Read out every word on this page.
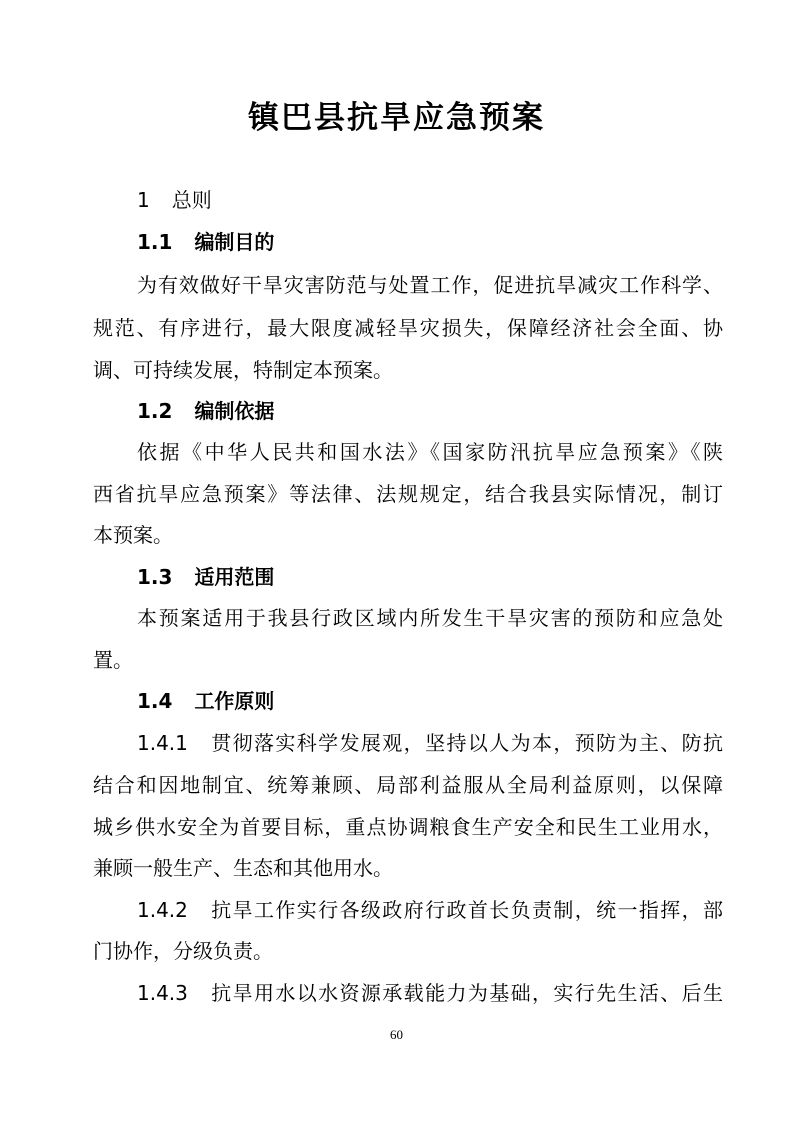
镇巴县抗旱应急预案

1 总则

1.1 编制目的

为有效做好干旱灾害防范与处置工作，促进抗旱减灾工作科学、

规范、有序进行，最大限度减轻旱灾损失，保障经济社会全面、协

调、可持续发展，特制定本预案。

1.2 编制依据

依据《中华人民共和国水法》《国家防汛抗旱应急预案》《陕

西省抗旱应急预案》等法律、法规规定，结合我县实际情况，制订

本预案。

1.3 适用范围

本预案适用于我县行政区域内所发生干旱灾害的预防和应急处

置。

1.4 工作原则

1.4.1 贯彻落实科学发展观，坚持以人为本，预防为主、防抗

结合和因地制宜、统筹兼顾、局部利益服从全局利益原则，以保障

城乡供水安全为首要目标，重点协调粮食生产安全和民生工业用水，

兼顾一般生产、生态和其他用水。

1.4.2 抗旱工作实行各级政府行政首长负责制，统一指挥，部

门协作，分级负责。

1.4.3 抗旱用水以水资源承载能力为基础，实行先生活、后生

60
